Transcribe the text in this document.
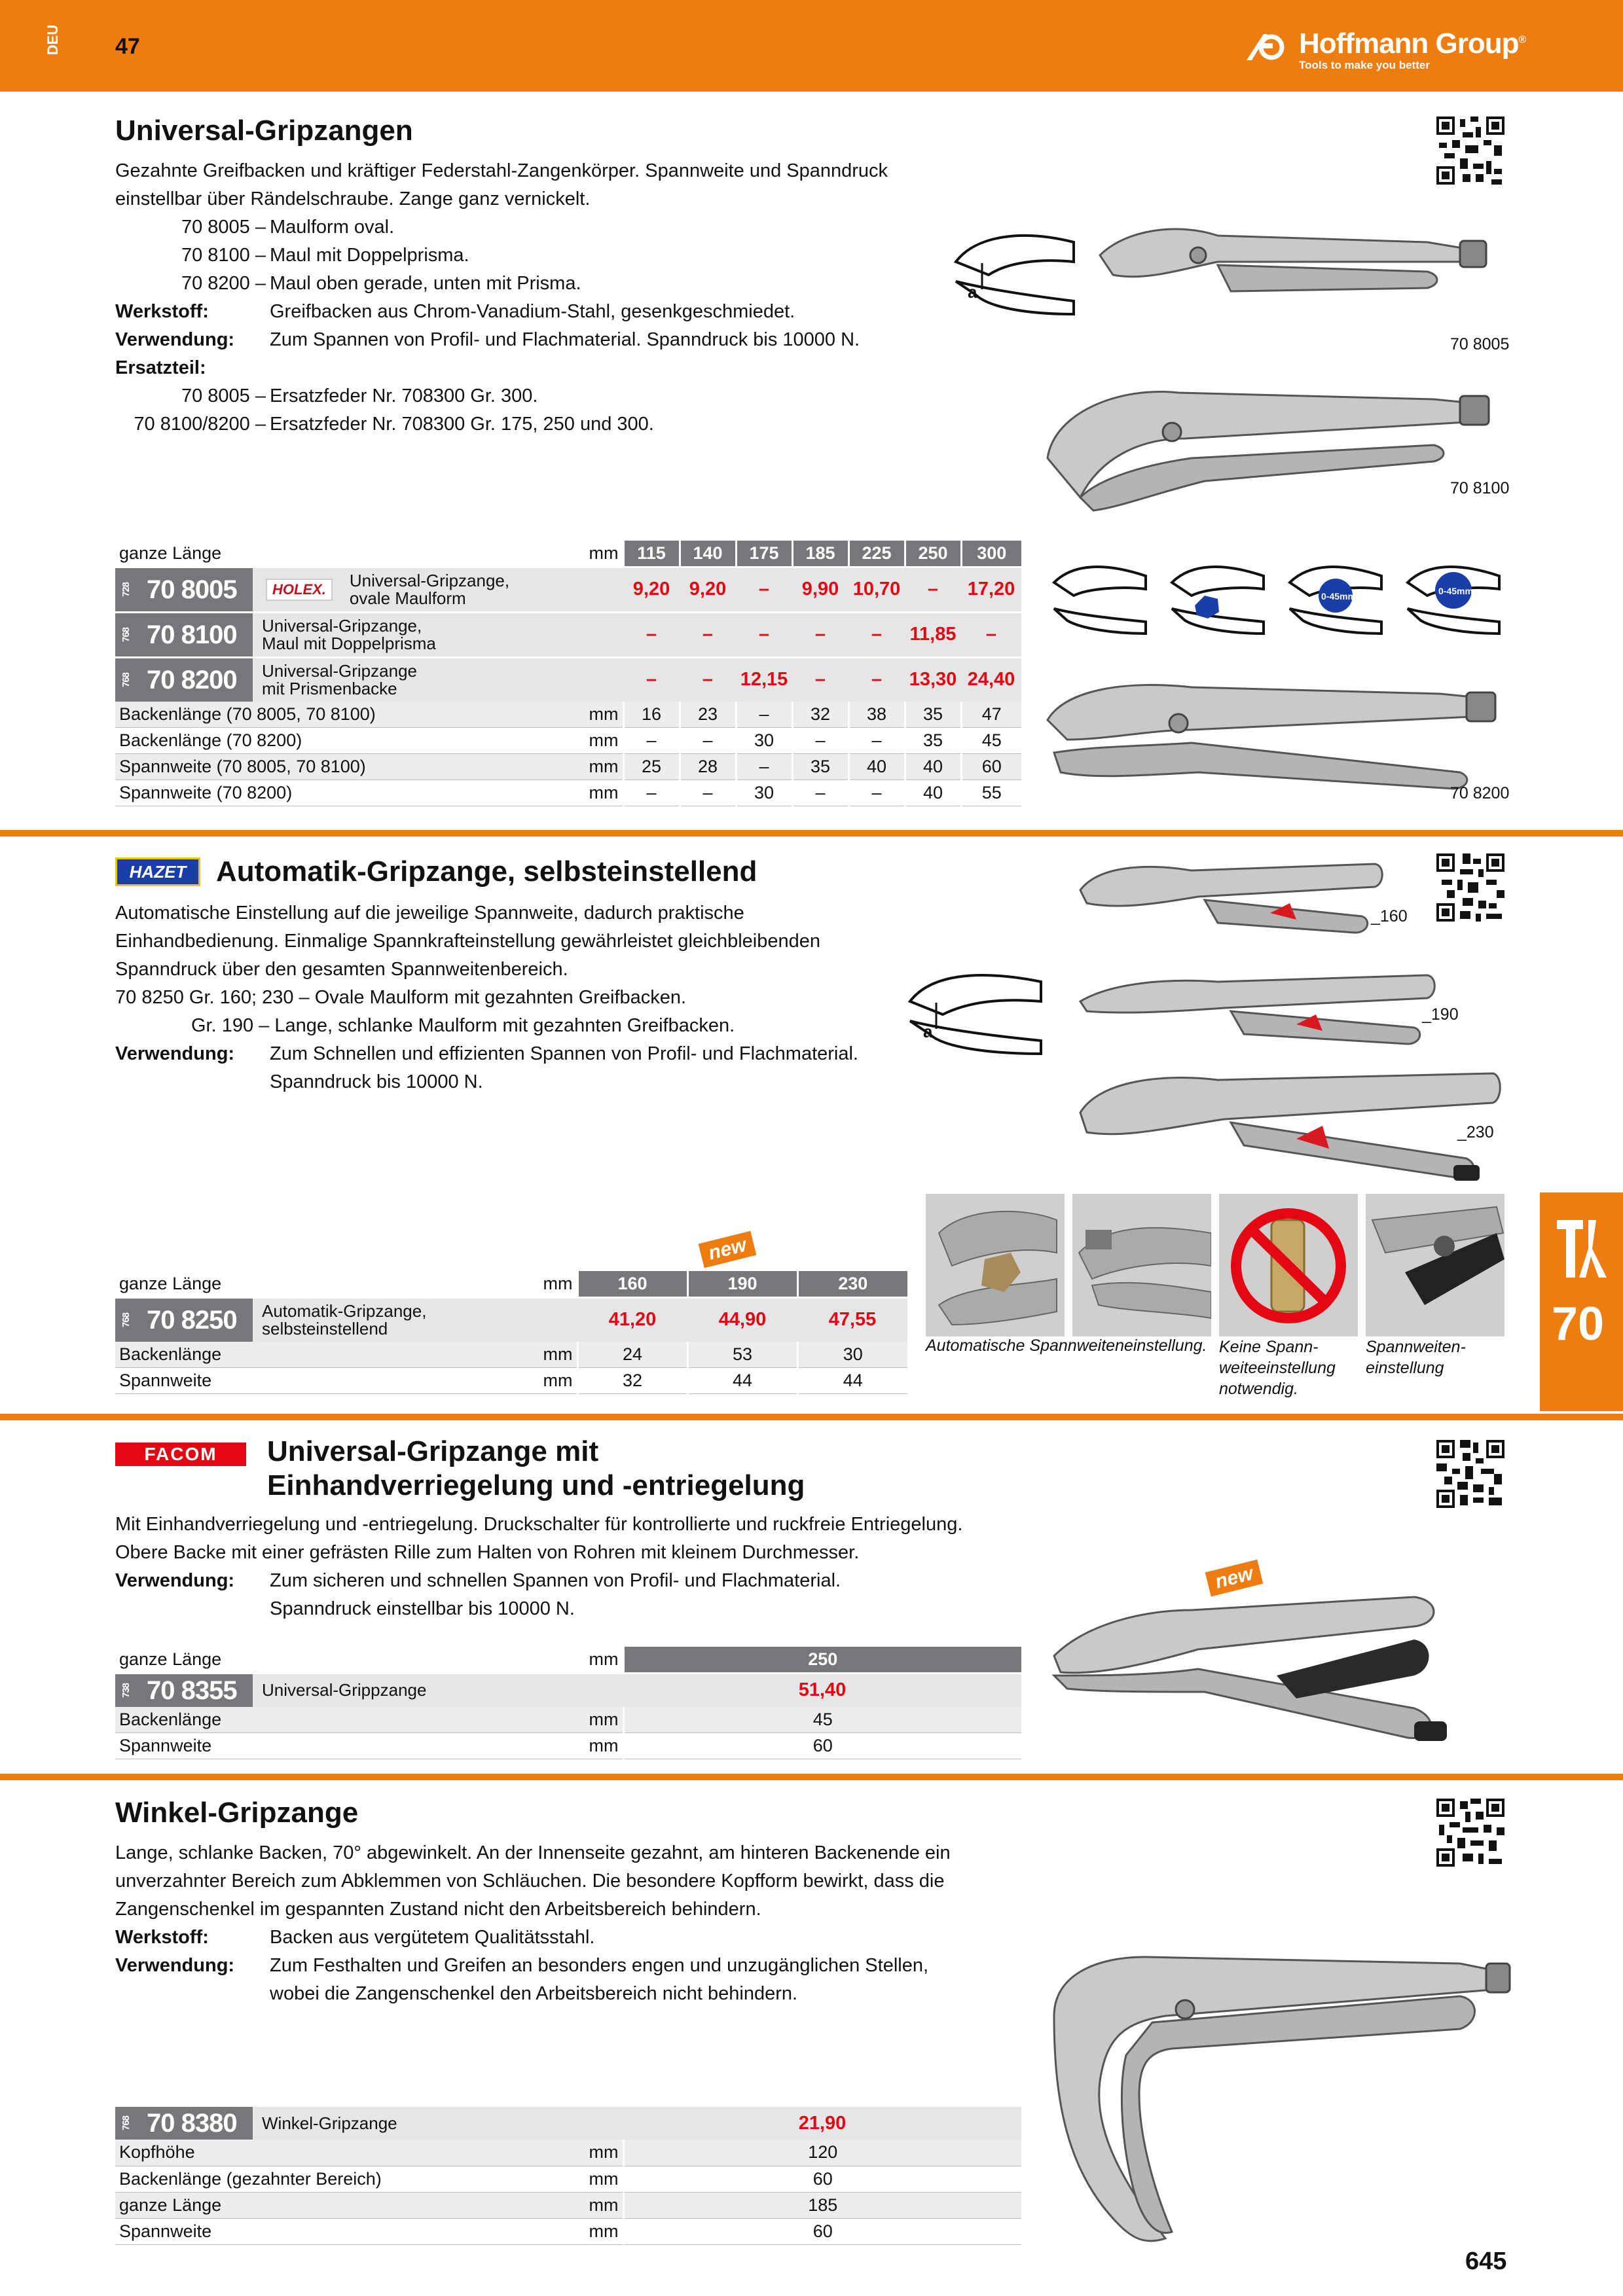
DEU 47	Hoffmann Group®
Tools to make you better
Universal-Gripzangen
Gezahnte Greifbacken und kräftiger Federstahl-Zangenkörper. Spannweite und Spanndruck
einstellbar über Rändelschraube. Zange ganz vernickelt.
70 8005 – Maulform oval.
70 8100 – Maul mit Doppelprisma.
70 8200 – Maul oben gerade, unten mit Prisma.
Werkstoff:	Greifbacken aus Chrom-Vanadium-Stahl, gesenkgeschmiedet.
Verwendung: Zum Spannen von Profil- und Flachmaterial. Spanndruck bis 10000 N.
Ersatzteil:
70 8005 – Ersatzfeder Nr. 708300 Gr. 300.
70 8100/8200 – Ersatzfeder Nr. 708300 Gr. 175, 250 und 300.
a
70 8005
70 8100
0-45mm	0-45mm
70 8200
ganze Länge	mm	115	140	175	185	225	250	300

728 70 8005 HOLEX. Universal-Gripzange,
ovale Maulform		9,20	9,20	–	9,90	10,70	–	17,20

768 70 8100 Universal-Gripzange,
Maul mit Doppelprisma		–	–	–	–	–	11,85	–

768 70 8200 Universal-Gripzange
mit Prismenbacke		–	–	12,15	–	–	13,30	24,40
Backenlänge (70 8005, 70 8100)	mm	16	23	–	32	38	35	47
Backenlänge (70 8200)	mm	–	–	30	–	–	35	45
Spannweite (70 8005, 70 8100)	mm	25	28	–	35	40	40	60
Spannweite (70 8200)	mm	–	–	30	–	–	40	55
HAZET	Automatik-Gripzange, selbsteinstellend
Automatische Einstellung auf die jeweilige Spannweite, dadurch praktische
Einhandbedienung. Einmalige Spannkrafteinstellung gewährleistet gleichbleibenden
Spanndruck über den gesamten Spannweitenbereich.
70 8250 Gr. 160; 230 – Ovale Maulform mit gezahnten Greifbacken.
Gr. 190 – Lange, schlanke Maulform mit gezahnten Greifbacken.
Verwendung: Zum Schnellen und effizienten Spannen von Profil- und Flachmaterial.
Spanndruck bis 10000 N.
a
_160
_190
_230
Automatische Spannweiteneinstellung. Keine Spann-
weiteeinstellung
notwendig.
Spannweiten-
einstellung
new
ganze Länge	mm	160	190	230

768 70 8250 Automatik-Gripzange,
selbsteinstellend		41,20	44,90	47,55
Backenlänge	mm	24	53	30
Spannweite	mm	32	44	44
70
FACOM	Universal-Gripzange mit
Einhandverriegelung und -entriegelung
Mit Einhandverriegelung und -entriegelung. Druckschalter für kontrollierte und ruckfreie Entriegelung.
Obere Backe mit einer gefrästen Rille zum Halten von Rohren mit kleinem Durchmesser.
Verwendung: Zum sicheren und schnellen Spannen von Profil- und Flachmaterial.
Spanndruck einstellbar bis 10000 N.
new
ganze Länge	mm	250

738 70 8355 Universal-Grippzange		51,40
Backenlänge	mm	45
Spannweite	mm	60
Winkel-Gripzange
Lange, schlanke Backen, 70° abgewinkelt. An der Innenseite gezahnt, am hinteren Backenende ein
unverzahnter Bereich zum Abklemmen von Schläuchen. Die besondere Kopfform bewirkt, dass die
Zangenschenkel im gespannten Zustand nicht den Arbeitsbereich behindern.
Werkstoff:	Backen aus vergütetem Qualitätsstahl.
Verwendung: Zum Festhalten und Greifen an besonders engen und unzugänglichen Stellen,
wobei die Zangenschenkel den Arbeitsbereich nicht behindern.
768 70 8380 Winkel-Gripzange		21,90
Kopfhöhe	mm	120
Backenlänge (gezahnter Bereich)	mm	60
ganze Länge	mm	185
Spannweite	mm	60
645
